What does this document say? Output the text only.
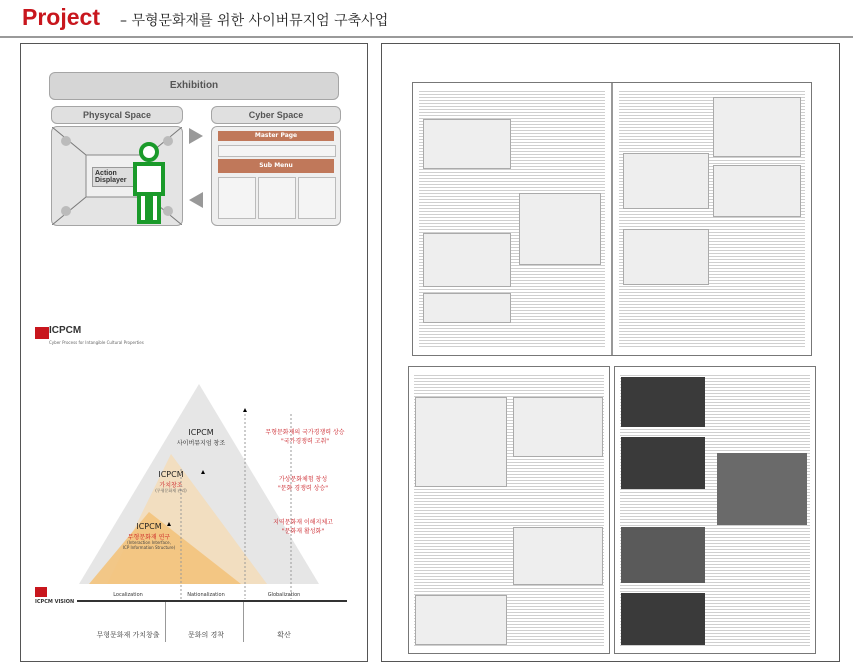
Project – 무형문화재를 위한 사이버뮤지엄 구축사업
Exhibition
Physycal Space
Action
Displayer
Cyber Space
Master Page
Sub Menu
ICPCM
Cyber Process for Intangible Cultural Properties
ICPCM
사이버뮤지엄 창조
ICPCM
가치창조
(무형문화재 관리)
ICPCM
무형문화재 연구
(Interaction Interface,
ICP Information Structure)
무형문화재의 국가경쟁력 상승
"국가경쟁력 고취"
가상문화체험 창성
"문화 경쟁력 상승"
지역문화재 이해지체고
"문화재 활성화"
ICPCM VISION
Localization	Nationalization	Globalization
무형문화재 가치창출	문화의 경착	확산
